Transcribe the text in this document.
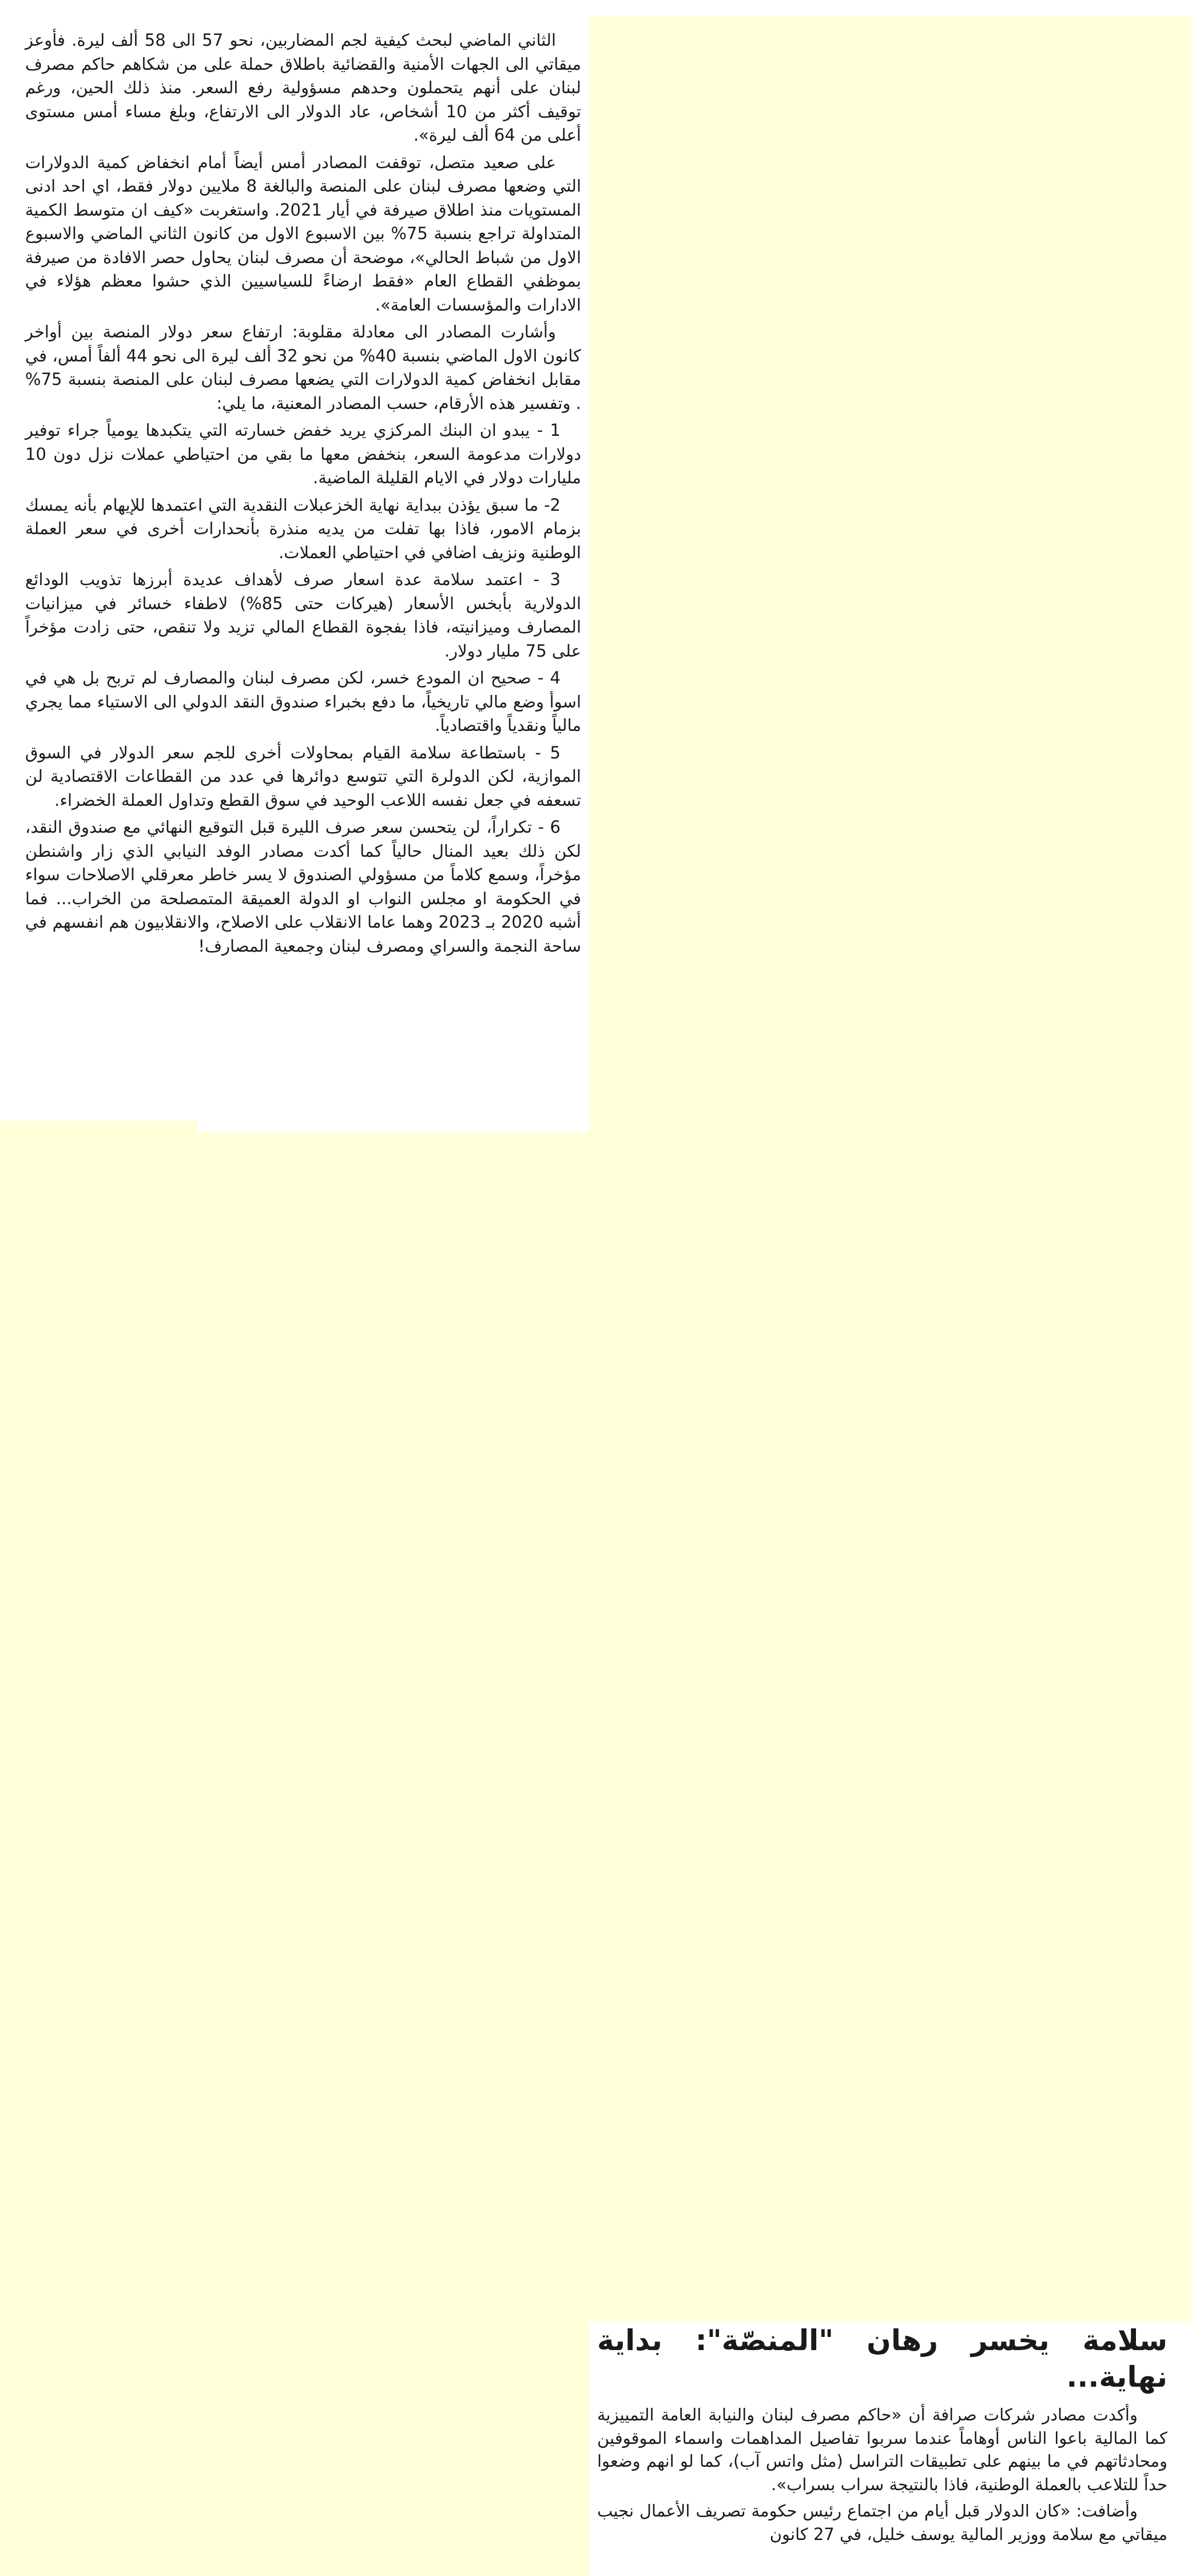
الثاني الماضي لبحث كيفية لجم المضاربين، نحو 57 الى 58 ألف ليرة. فأوعز ميقاتي الى الجهات الأمنية والقضائية باطلاق حملة على من شكاهم حاكم مصرف لبنان على أنهم يتحملون وحدهم مسؤولية رفع السعر. منذ ذلك الحين، ورغم توقيف أكثر من 10 أشخاص، عاد الدولار الى الارتفاع، وبلغ مساء أمس مستوى أعلى من 64 ألف ليرة».

على صعيد متصل، توقفت المصادر أمس أيضاً أمام انخفاض كمية الدولارات التي وضعها مصرف لبنان على المنصة والبالغة 8 ملايين دولار فقط، اي احد ادنى المستويات منذ اطلاق صيرفة في أيار 2021. واستغربت «كيف ان متوسط الكمية المتداولة تراجع بنسبة 75% بين الاسبوع الاول من كانون الثاني الماضي والاسبوع الاول من شباط الحالي»، موضحة أن مصرف لبنان يحاول حصر الافادة من صيرفة بموظفي القطاع العام «فقط ارضاءً للسياسيين الذي حشوا معظم هؤلاء في الادارات والمؤسسات العامة».

وأشارت المصادر الى معادلة مقلوبة: ارتفاع سعر دولار المنصة بين أواخر كانون الاول الماضي بنسبة 40% من نحو 32 ألف ليرة الى نحو 44 ألفاً أمس، في مقابل انخفاض كمية الدولارات التي يضعها مصرف لبنان على المنصة بنسبة 75% . وتفسير هذه الأرقام، حسب المصادر المعنية، ما يلي:

1 - يبدو ان البنك المركزي يريد خفض خسارته التي يتكبدها يومياً جراء توفير دولارات مدعومة السعر، بنخفض معها ما بقي من احتياطي عملات نزل دون 10 مليارات دولار في الايام القليلة الماضية.

2- ما سبق يؤذن ببداية نهاية الخزعبلات النقدية التي اعتمدها للإيهام بأنه يمسك بزمام الامور، فاذا بها تفلت من يديه منذرة بأنحدارات أخرى في سعر العملة الوطنية ونزيف اضافي في احتياطي العملات.

3 - اعتمد سلامة عدة اسعار صرف لأهداف عديدة أبرزها تذويب الودائع الدولارية بأبخس الأسعار (هيركات حتى 85%) لاطفاء خسائر في ميزانيات المصارف وميزانيته، فاذا بفجوة القطاع المالي تزيد ولا تنقص، حتى زادت مؤخراً على 75 مليار دولار.

4 - صحيح ان المودع خسر، لكن مصرف لبنان والمصارف لم تربح بل هي في اسوأ وضع مالي تاريخياً، ما دفع بخبراء صندوق النقد الدولي الى الاستياء مما يجري مالياً ونقدياً واقتصادياً.

5 - باستطاعة سلامة القيام بمحاولات أخرى للجم سعر الدولار في السوق الموازية، لكن الدولرة التي تتوسع دوائرها في عدد من القطاعات الاقتصادية لن تسعفه في جعل نفسه اللاعب الوحيد في سوق القطع وتداول العملة الخضراء.

6 - تكراراً، لن يتحسن سعر صرف الليرة قبل التوقيع النهائي مع صندوق النقد، لكن ذلك بعيد المنال حالياً كما أكدت مصادر الوفد النيابي الذي زار واشنطن مؤخراً، وسمع كلاماً من مسؤولي الصندوق لا يسر خاطر معرقلي الاصلاحات سواء في الحكومة او مجلس النواب او الدولة العميقة المتمصلحة من الخراب... فما أشبه 2020 بـ 2023 وهما عاما الانقلاب على الاصلاح، والانقلابيون هم انفسهم في ساحة النجمة والسراي ومصرف لبنان وجمعية المصارف!

سلامة يخسر رهان "المنصّة": بداية نهاية...

وأكدت مصادر شركات صرافة أن «حاكم مصرف لبنان والنيابة العامة التمييزية كما المالية باعوا الناس أوهاماً عندما سربوا تفاصيل المداهمات واسماء الموقوفين ومحادثاتهم في ما بينهم على تطبيقات التراسل (مثل واتس آب)، كما لو انهم وضعوا حداً للتلاعب بالعملة الوطنية، فاذا بالنتيجة سراب بسراب».

وأضافت: «كان الدولار قبل أيام من اجتماع رئيس حكومة تصريف الأعمال نجيب ميقاتي مع سلامة ووزير المالية يوسف خليل، في 27 كانون
